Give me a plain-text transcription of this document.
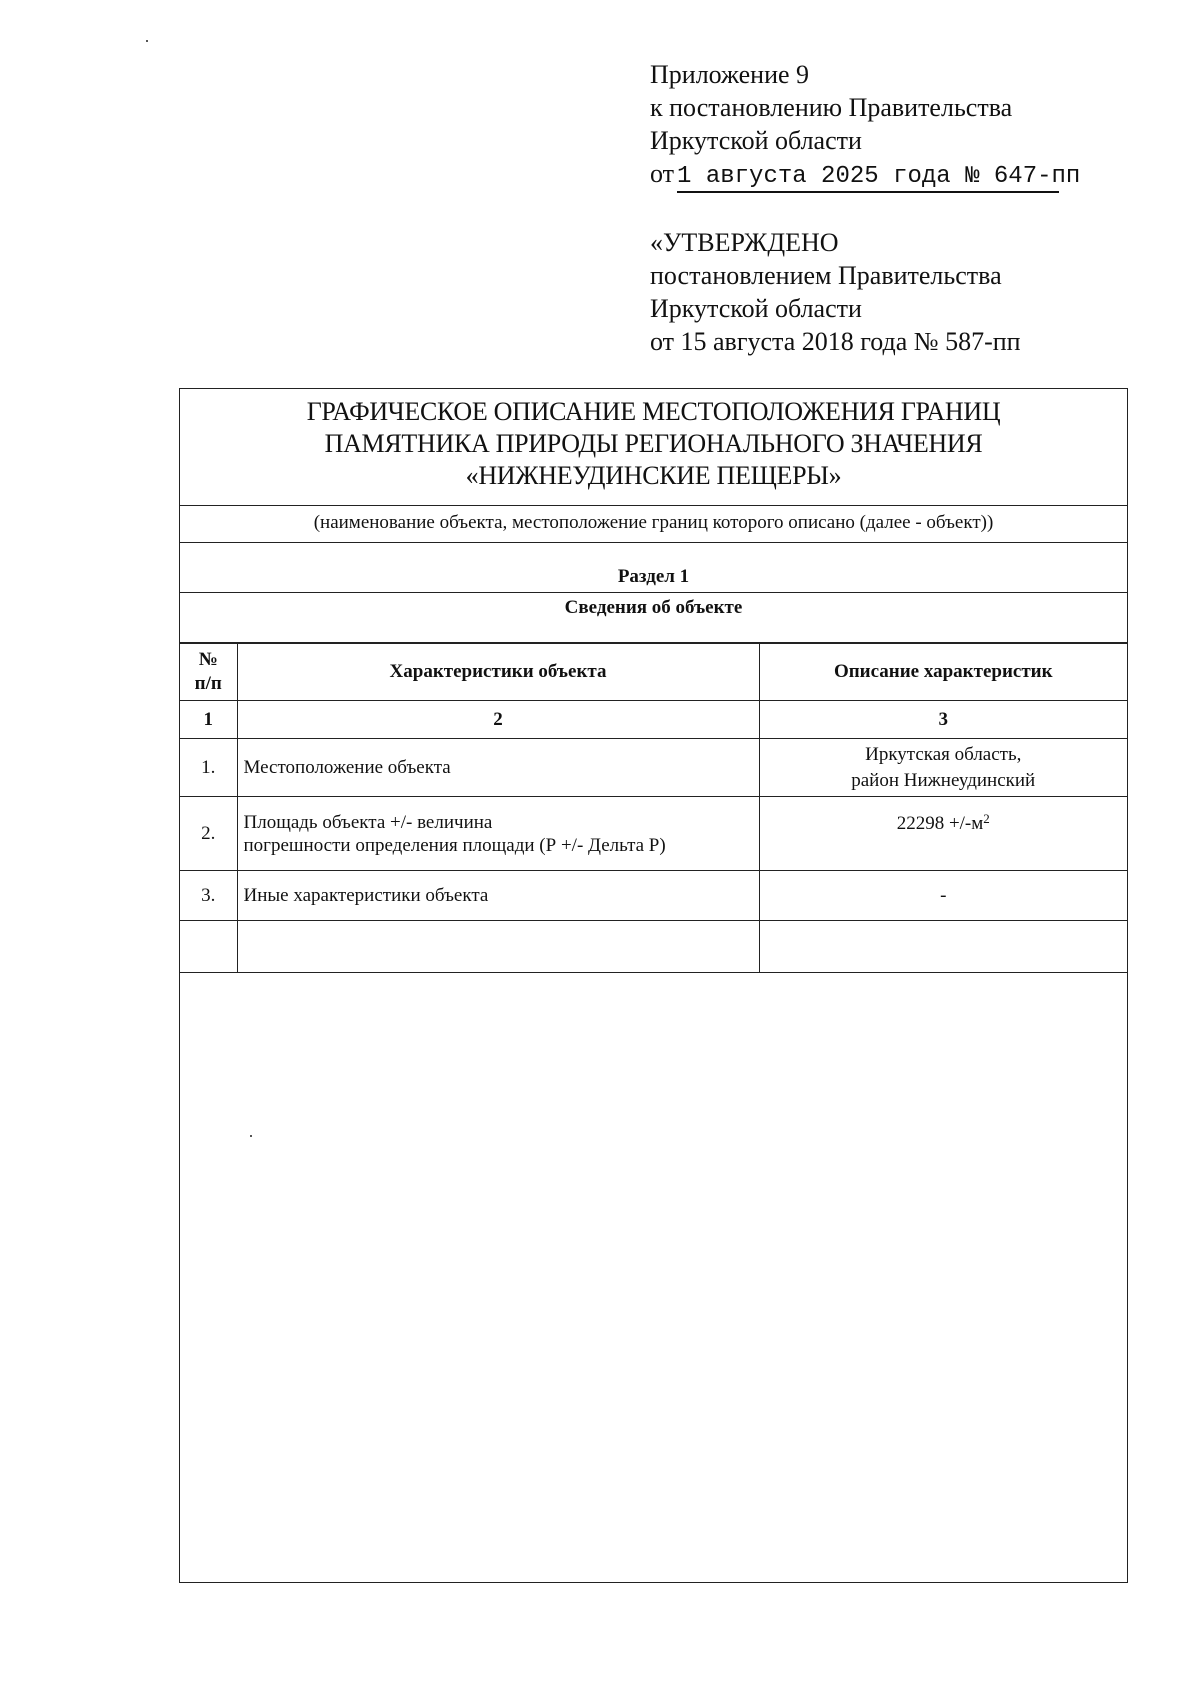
Приложение 9
к постановлению Правительства
Иркутской области
от 1 августа 2025 года № 647-пп
«УТВЕРЖДЕНО
постановлением Правительства
Иркутской области
от 15 августа 2018 года № 587-пп
ГРАФИЧЕСКОЕ ОПИСАНИЕ МЕСТОПОЛОЖЕНИЯ ГРАНИЦ
ПАМЯТНИКА ПРИРОДЫ РЕГИОНАЛЬНОГО ЗНАЧЕНИЯ
«НИЖНЕУДИНСКИЕ ПЕЩЕРЫ»
(наименование объекта, местоположение границ которого описано (далее - объект))
Раздел 1
Сведения об объекте
№
п/п	Характеристики объекта	Описание характеристик
1	2	3
1.	Местоположение объекта	Иркутская область,
район Нижнеудинский

2.	Площадь объекта +/- величина
погрешности определения площади (Р +/- Дельта Р)	$22298 +/-м^2$
3.	Иные характеристики объекта	-
